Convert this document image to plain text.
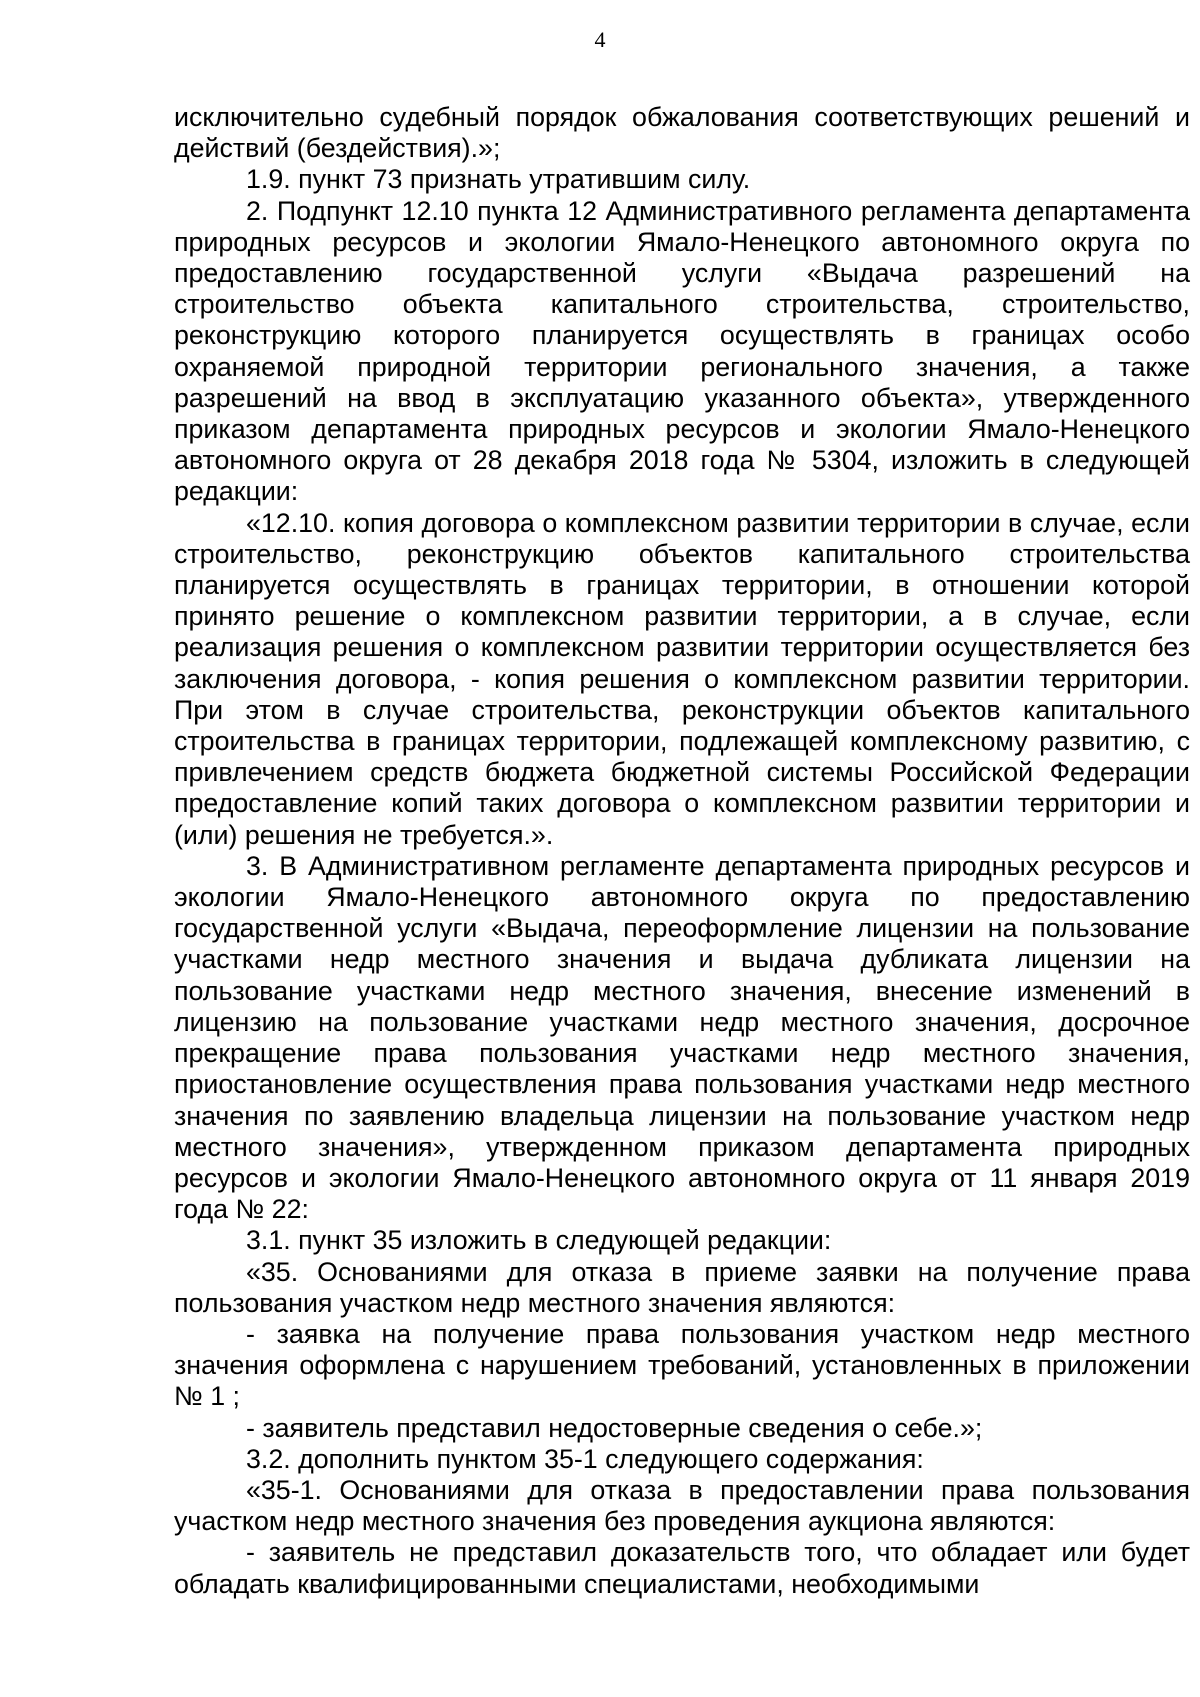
4

исключительно судебный порядок обжалования соответствующих решений и действий (бездействия).»;

1.9. пункт 73 признать утратившим силу.

2. Подпункт 12.10 пункта 12 Административного регламента департамента природных ресурсов и экологии Ямало-Ненецкого автономного округа по предоставлению государственной услуги «Выдача разрешений на строительство объекта капитального строительства, строительство, реконструкцию которого планируется осуществлять в границах особо охраняемой природной территории регионального значения, а также разрешений на ввод в эксплуатацию указанного объекта», утвержденного приказом департамента природных ресурсов и экологии Ямало-Ненецкого автономного округа от 28 декабря 2018 года № 5304, изложить в следующей редакции:

«12.10. копия договора о комплексном развитии территории в случае, если строительство, реконструкцию объектов капитального строительства планируется осуществлять в границах территории, в отношении которой принято решение о комплексном развитии территории, а в случае, если реализация решения о комплексном развитии территории осуществляется без заключения договора, - копия решения о комплексном развитии территории. При этом в случае строительства, реконструкции объектов капитального строительства в границах территории, подлежащей комплексному развитию, с привлечением средств бюджета бюджетной системы Российской Федерации предоставление копий таких договора о комплексном развитии территории и (или) решения не требуется.».

3. В Административном регламенте департамента природных ресурсов и экологии Ямало-Ненецкого автономного округа по предоставлению государственной услуги «Выдача, переоформление лицензии на пользование участками недр местного значения и выдача дубликата лицензии на пользование участками недр местного значения, внесение изменений в лицензию на пользование участками недр местного значения, досрочное прекращение права пользования участками недр местного значения, приостановление осуществления права пользования участками недр местного значения по заявлению владельца лицензии на пользование участком недр местного значения», утвержденном приказом департамента природных ресурсов и экологии Ямало-Ненецкого автономного округа от 11 января 2019 года № 22:

3.1. пункт 35 изложить в следующей редакции:

«35. Основаниями для отказа в приеме заявки на получение права пользования участком недр местного значения являются:

- заявка на получение права пользования участком недр местного значения оформлена с нарушением требований, установленных в приложении № 1 ;

- заявитель представил недостоверные сведения о себе.»;

3.2. дополнить пунктом 35-1 следующего содержания:

«35-1. Основаниями для отказа в предоставлении права пользования участком недр местного значения без проведения аукциона являются:

- заявитель не представил доказательств того, что обладает или будет обладать квалифицированными специалистами, необходимыми
